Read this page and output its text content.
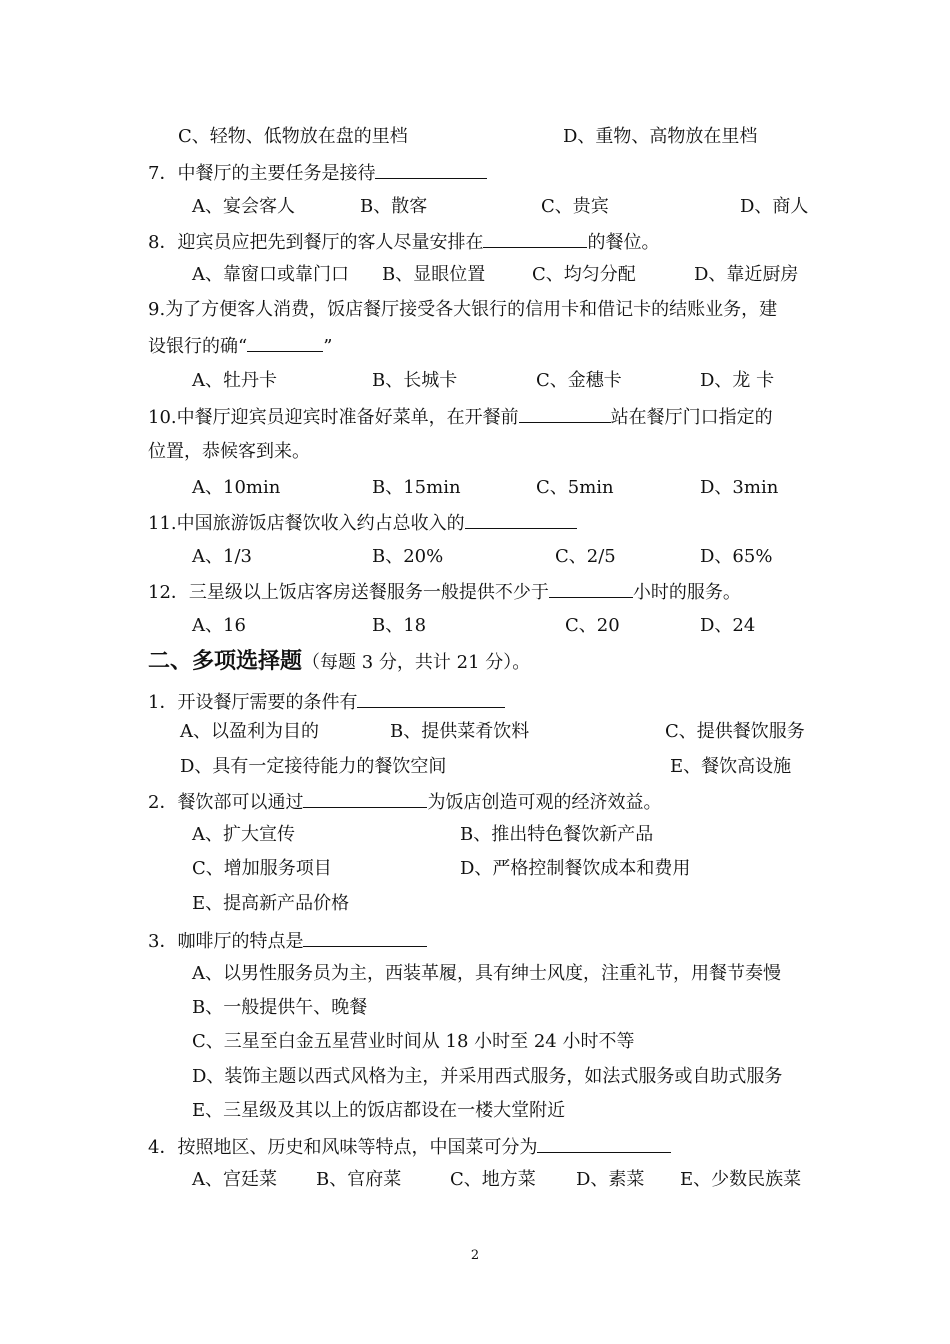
C、轻物、低物放在盘的里档	D、重物、高物放在里档
7．中餐厅的主要任务是接待
A、宴会客人	B、散客	C、贵宾	D、商人
8．迎宾员应把先到餐厅的客人尽量安排在	的餐位。
A、靠窗口或靠门口 B、显眼位置	C、均匀分配	D、靠近厨房
9.为了方便客人消费，饭店餐厅接受各大银行的信用卡和借记卡的结账业务，建
设银行的确“	”
A、牡丹卡	B、长城卡	C、金穗卡	D、龙 卡
10.中餐厅迎宾员迎宾时准备好菜单，在开餐前	站在餐厅门口指定的
位置，恭候客到来。
A、10min	B、15min	C、5min	D、3min
11.中国旅游饭店餐饮收入约占总收入的
A、1/3	B、20%	C、2/5	D、65%
12．三星级以上饭店客房送餐服务一般提供不少于	小时的服务。
A、16	B、18	C、20	D、24
二、多项选择题（每题 3 分，共计 21 分）。
1．开设餐厅需要的条件有
A、以盈利为目的	B、提供菜肴饮料	C、提供餐饮服务
D、具有一定接待能力的餐饮空间	E、餐饮高设施
2．餐饮部可以通过	为饭店创造可观的经济效益。
A、扩大宣传	B、推出特色餐饮新产品
C、增加服务项目	D、严格控制餐饮成本和费用
E、提高新产品价格
3．咖啡厅的特点是
A、以男性服务员为主，西装革履，具有绅士风度，注重礼节，用餐节奏慢
B、一般提供午、晚餐
C、三星至白金五星营业时间从 18 小时至 24 小时不等
D、装饰主题以西式风格为主，并采用西式服务，如法式服务或自助式服务
E、三星级及其以上的饭店都设在一楼大堂附近
4．按照地区、历史和风味等特点，中国菜可分为
A、宫廷菜 B、官府菜	C、地方菜 D、素菜 E、少数民族菜
2
